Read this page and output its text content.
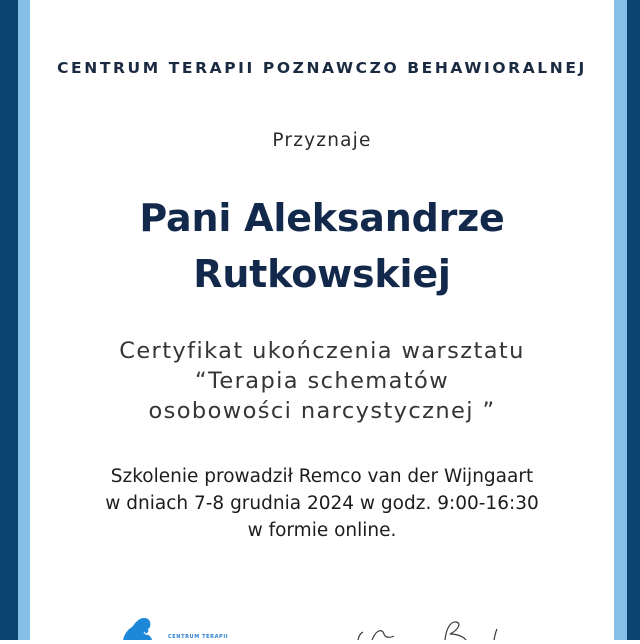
CENTRUM TERAPII POZNAWCZO BEHAWIORALNEJ
Przyznaje
Pani Aleksandrze
Rutkowskiej
Certyfikat ukończenia warsztatu
“Terapia schematów
osobowości narcystycznej ”
Szkolenie prowadził Remco van der Wijngaart
w dniach 7-8 grudnia 2024 w godz. 9:00-16:30
w formie online.
CENTRUM TERAPII
